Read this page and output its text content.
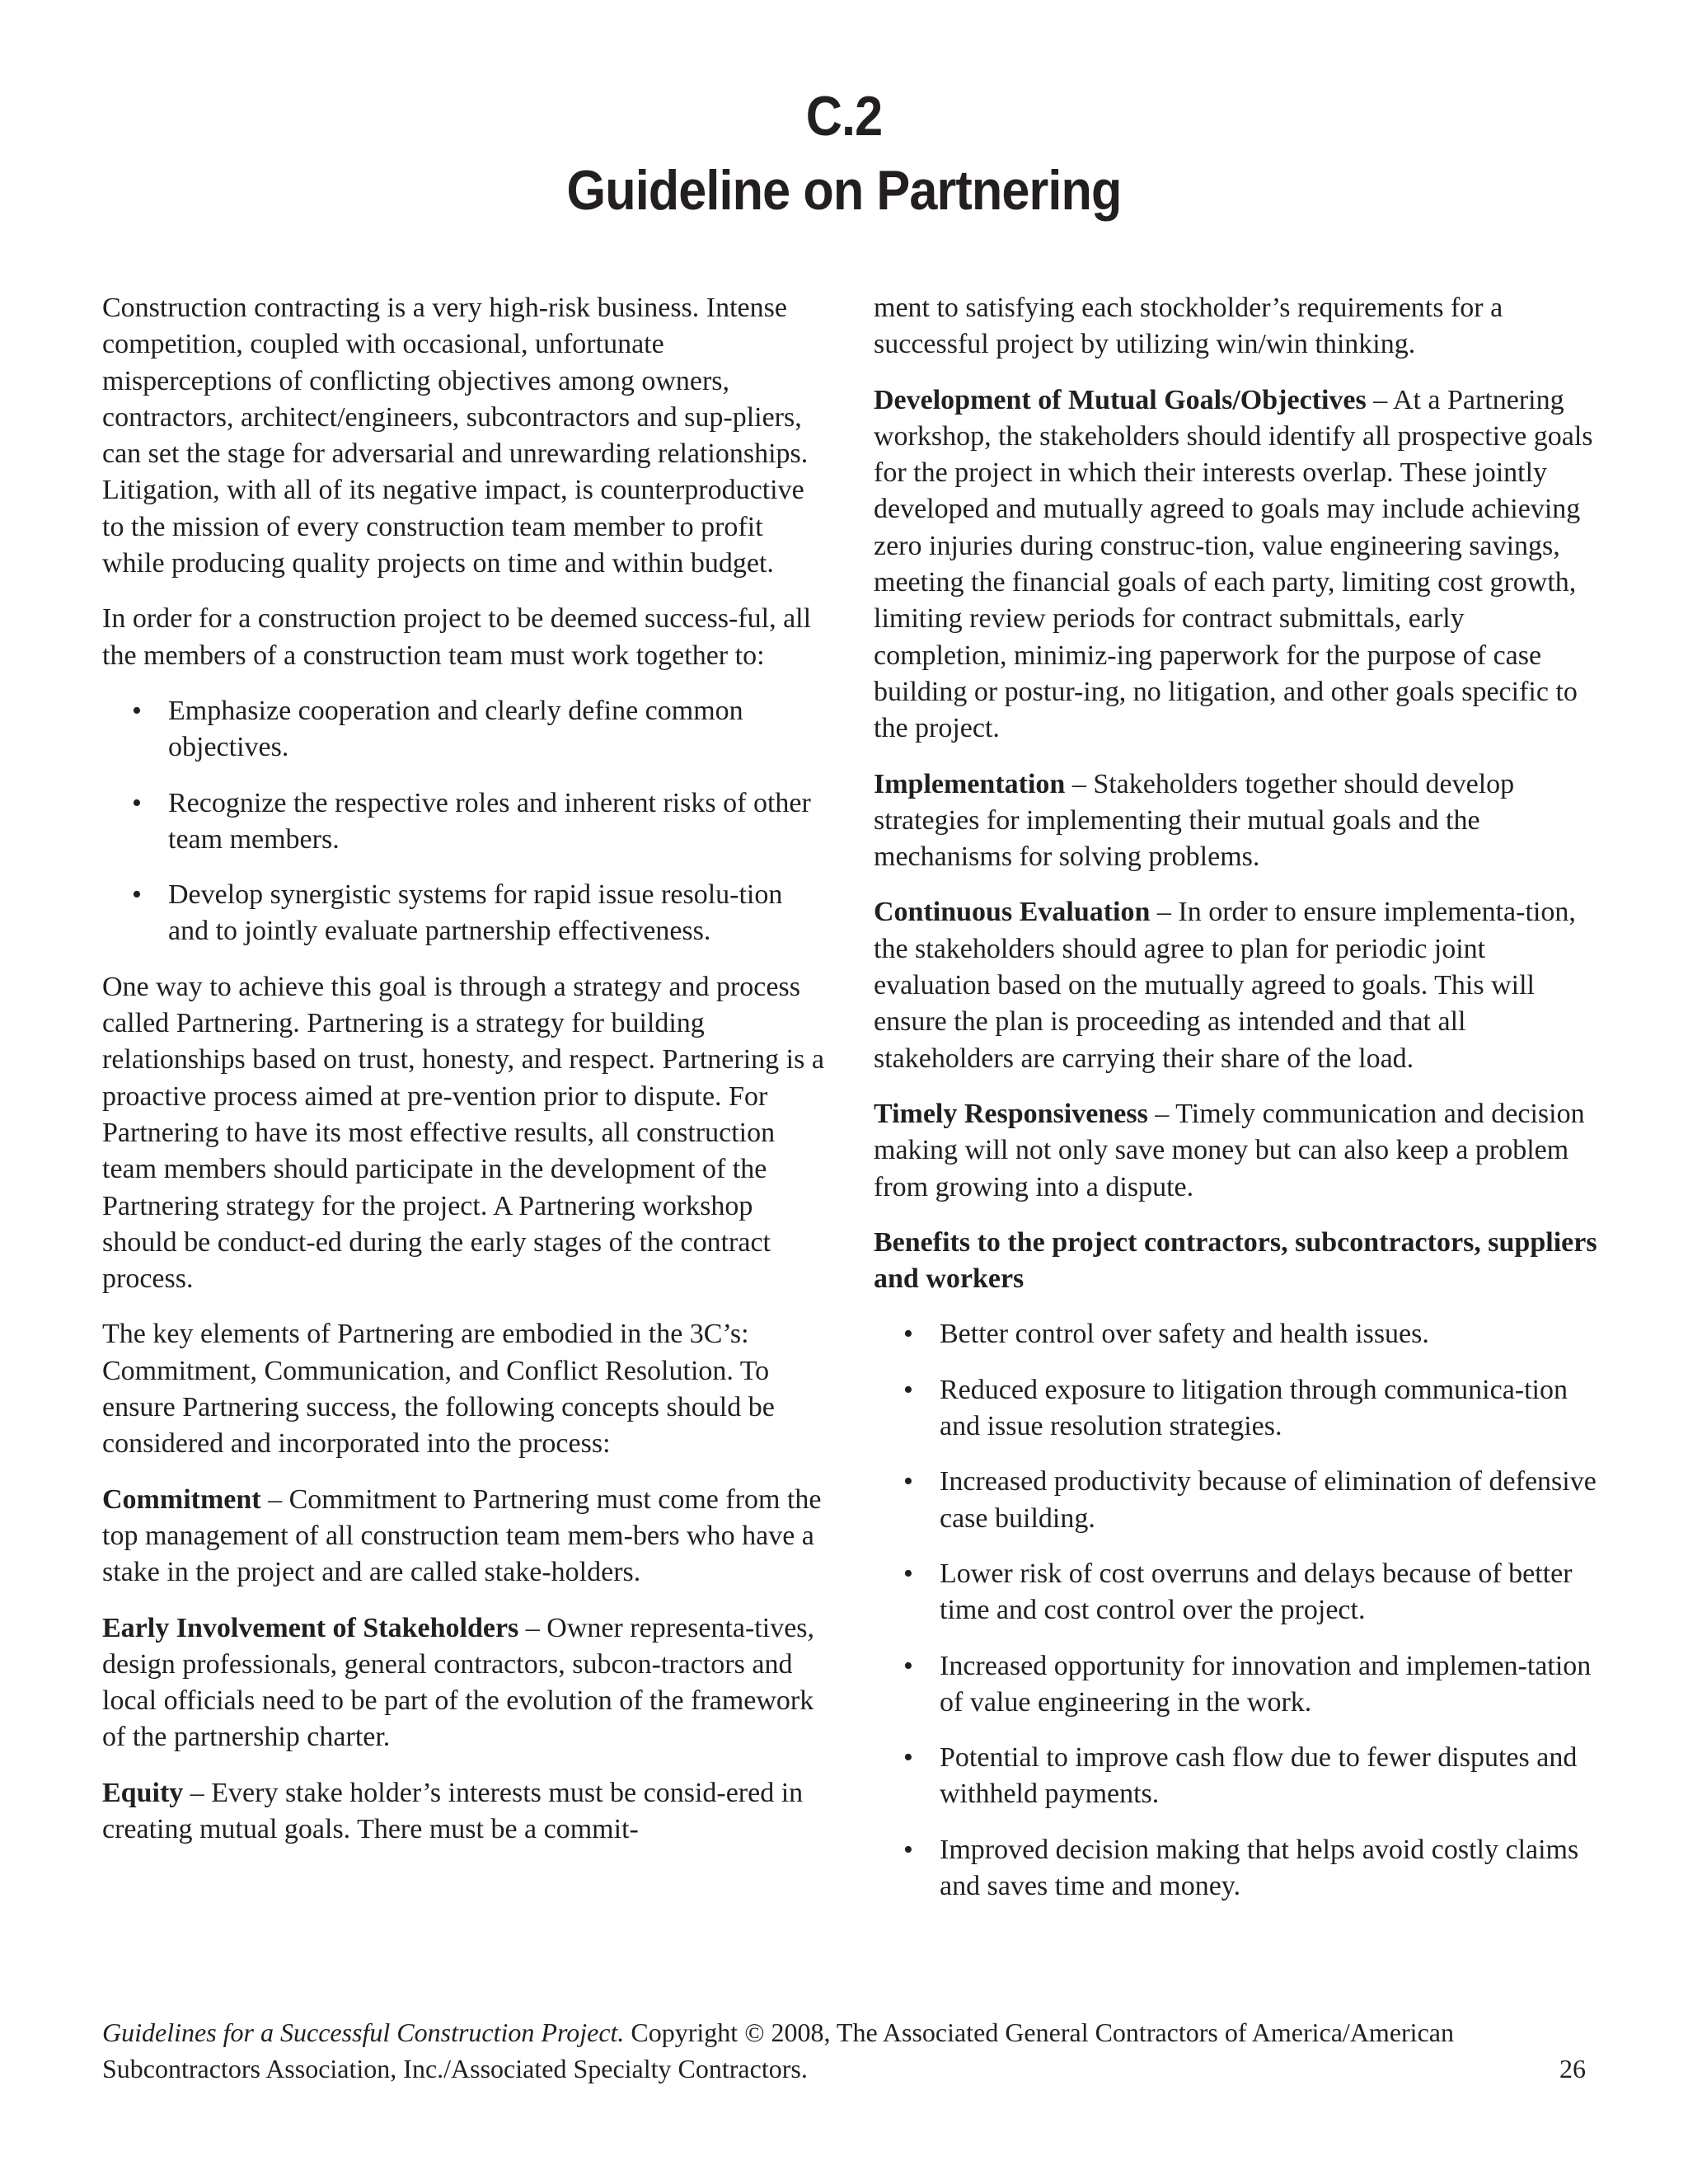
C.2
Guideline on Partnering

Construction contracting is a very high-risk business. Intense competition, coupled with occasional, unfortunate misperceptions of conflicting objectives among owners, contractors, architect/engineers, subcontractors and sup-pliers, can set the stage for adversarial and unrewarding relationships. Litigation, with all of its negative impact, is counterproductive to the mission of every construction team member to profit while producing quality projects on time and within budget.

In order for a construction project to be deemed success-ful, all the members of a construction team must work together to:

• Emphasize cooperation and clearly define common objectives.
• Recognize the respective roles and inherent risks of other team members.
• Develop synergistic systems for rapid issue resolu-tion and to jointly evaluate partnership effectiveness.

One way to achieve this goal is through a strategy and process called Partnering. Partnering is a strategy for building relationships based on trust, honesty, and respect. Partnering is a proactive process aimed at pre-vention prior to dispute. For Partnering to have its most effective results, all construction team members should participate in the development of the Partnering strategy for the project. A Partnering workshop should be conduct-ed during the early stages of the contract process.

The key elements of Partnering are embodied in the 3C’s: Commitment, Communication, and Conflict Resolution. To ensure Partnering success, the following concepts should be considered and incorporated into the process:

Commitment – Commitment to Partnering must come from the top management of all construction team mem-bers who have a stake in the project and are called stake-holders.

Early Involvement of Stakeholders – Owner representa-tives, design professionals, general contractors, subcon-tractors and local officials need to be part of the evolution of the framework of the partnership charter.

Equity – Every stake holder’s interests must be consid-ered in creating mutual goals. There must be a commit-

ment to satisfying each stockholder’s requirements for a successful project by utilizing win/win thinking.

Development of Mutual Goals/Objectives – At a Partnering workshop, the stakeholders should identify all prospective goals for the project in which their interests overlap. These jointly developed and mutually agreed to goals may include achieving zero injuries during construc-tion, value engineering savings, meeting the financial goals of each party, limiting cost growth, limiting review periods for contract submittals, early completion, minimiz-ing paperwork for the purpose of case building or postur-ing, no litigation, and other goals specific to the project.

Implementation – Stakeholders together should develop strategies for implementing their mutual goals and the mechanisms for solving problems.

Continuous Evaluation – In order to ensure implementa-tion, the stakeholders should agree to plan for periodic joint evaluation based on the mutually agreed to goals. This will ensure the plan is proceeding as intended and that all stakeholders are carrying their share of the load.

Timely Responsiveness – Timely communication and decision making will not only save money but can also keep a problem from growing into a dispute.

Benefits to the project contractors, subcontractors, suppliers and workers

• Better control over safety and health issues.
• Reduced exposure to litigation through communica-tion and issue resolution strategies.
• Increased productivity because of elimination of defensive case building.
• Lower risk of cost overruns and delays because of better time and cost control over the project.
• Increased opportunity for innovation and implemen-tation of value engineering in the work.
• Potential to improve cash flow due to fewer disputes and withheld payments.
• Improved decision making that helps avoid costly claims and saves time and money.
Guidelines for a Successful Construction Project. Copyright © 2008, The Associated General Contractors of America/American Subcontractors Association, Inc./Associated Specialty Contractors.	26
